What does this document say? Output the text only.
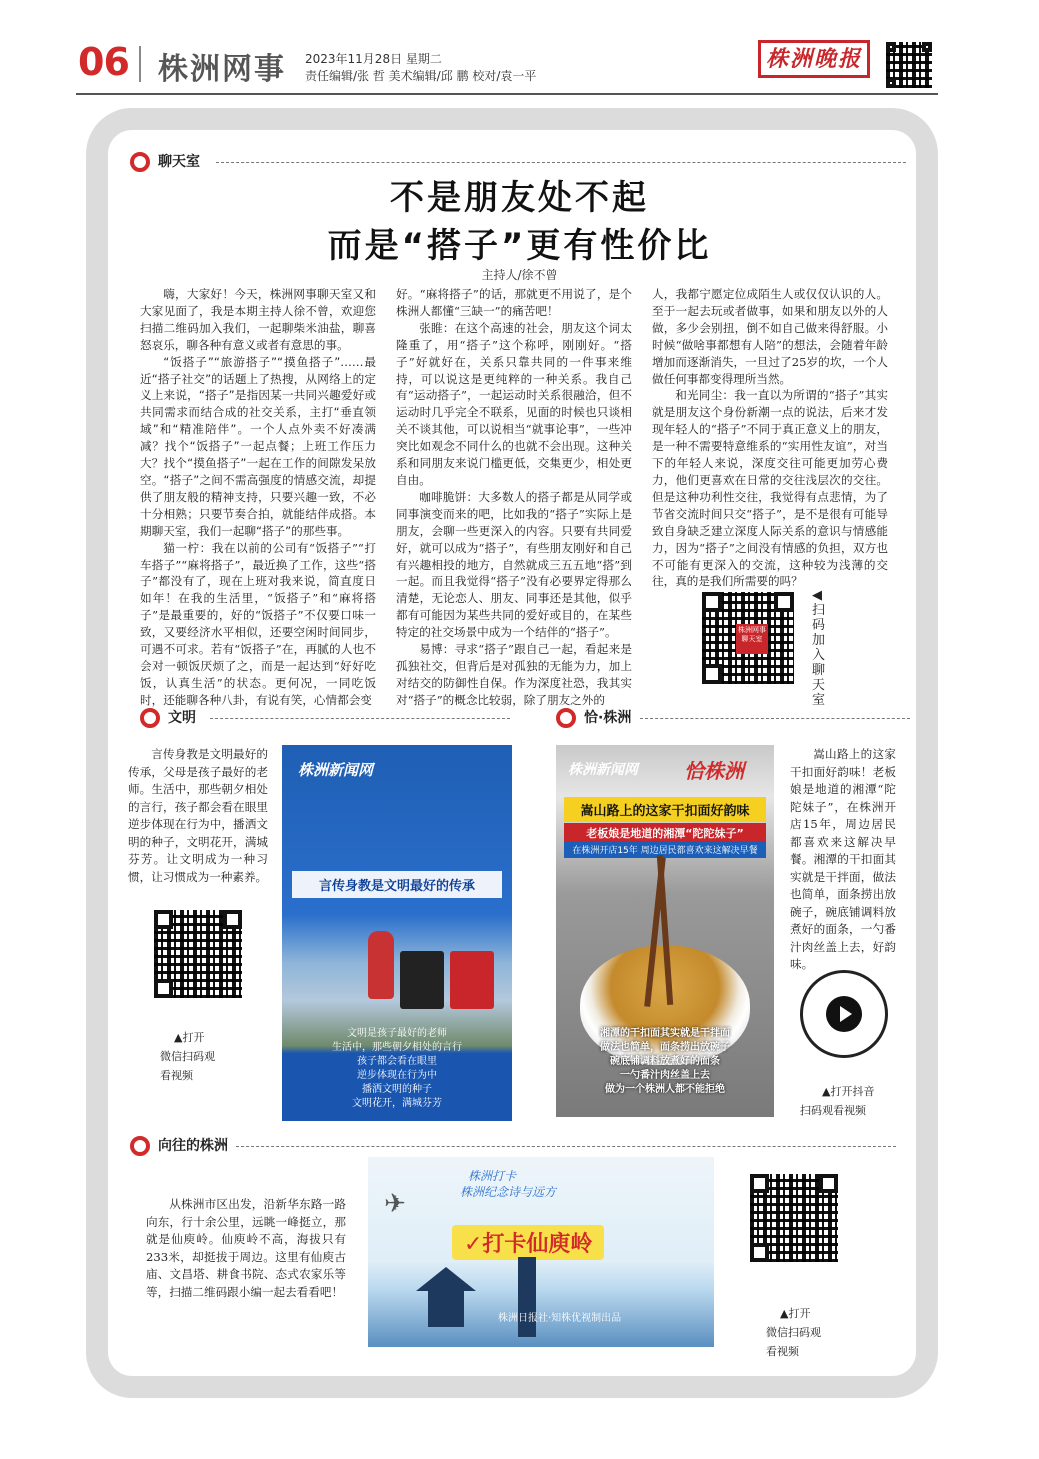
06 株洲网事 2023年11月28日 星期二
责任编辑/张 哲 美术编辑/邱 鹏 校对/袁一平
株洲晚报
聊天室
不是朋友处不起
而是“搭子”更有性价比
主持人/徐不曾

嗨，大家好！今天，株洲网事聊天室又和大家见面了，我是本期主持人徐不曾，欢迎您扫描二维码加入我们，一起聊柴米油盐，聊喜怒哀乐，聊各种有意义或者有意思的事。

“饭搭子”“旅游搭子”“摸鱼搭子”……最近“搭子社交”的话题上了热搜，从网络上的定义上来说，“搭子”是指因某一共同兴趣爱好或共同需求而结合成的社交关系，主打“垂直领域”和“精准陪伴”。一个人点外卖不好凑满减？找个“饭搭子”一起点餐；上班工作压力大？找个“摸鱼搭子”一起在工作的间隙发呆放空。“搭子”之间不需高强度的情感交流，却提供了朋友般的精神支持，只要兴趣一致，不必十分相熟；只要节奏合拍，就能结伴成搭。本期聊天室，我们一起聊“搭子”的那些事。

猫一柠：我在以前的公司有“饭搭子”“打车搭子”“麻将搭子”，最近换了工作，这些“搭子”都没有了，现在上班对我来说，简直度日如年！在我的生活里，“饭搭子”和“麻将搭子”是最重要的，好的“饭搭子”不仅要口味一致，又要经济水平相似，还要空闲时间同步，可遇不可求。若有“饭搭子”在，再腻的人也不会对一顿饭厌烦了之，而是一起达到“好好吃饭，认真生活”的状态。更何况，一同吃饭时，还能聊各种八卦，有说有笑，心情都会变

好。“麻将搭子”的话，那就更不用说了，是个株洲人都懂“三缺一”的痛苦吧！

张睢：在这个高速的社会，朋友这个词太隆重了，用“搭子”这个称呼，刚刚好。“搭子”好就好在，关系只靠共同的一件事来维持，可以说这是更纯粹的一种关系。我自己有“运动搭子”，一起运动时关系很融洽，但不运动时几乎完全不联系，见面的时候也只谈相关不谈其他，可以说相当“就事论事”，一些冲突比如观念不同什么的也就不会出现。这种关系和同朋友来说门槛更低，交集更少，相处更自由。

咖啡脆饼：大多数人的搭子都是从同学或同事演变而来的吧，比如我的“搭子”实际上是朋友，会聊一些更深入的内容。只要有共同爱好，就可以成为“搭子”，有些朋友刚好和自己有兴趣相投的地方，自然就成三五五地“搭”到一起。而且我觉得“搭子”没有必要界定得那么清楚，无论恋人、朋友、同事还是其他，似乎都有可能因为某些共同的爱好或目的，在某些特定的社交场景中成为一个结伴的“搭子”。

易博：寻求“搭子”跟自己一起，看起来是孤独社交，但背后是对孤独的无能为力，加上对结交的防御性自保。作为深度社恐，我其实对“搭子”的概念比较弱，除了朋友之外的

人，我都宁愿定位成陌生人或仅仅认识的人。至于一起去玩或者做事，如果和朋友以外的人做，多少会别扭，倒不如自己做来得舒服。小时候“做啥事都想有人陪”的想法，会随着年龄增加而逐渐消失，一旦过了25岁的坎，一个人做任何事都变得理所当然。

和光同尘：我一直以为所谓的“搭子”其实就是朋友这个身份新潮一点的说法，后来才发现年轻人的“搭子”不同于真正意义上的朋友，是一种不需要特意维系的“实用性友谊”，对当下的年轻人来说，深度交往可能更加劳心费力，他们更喜欢在日常的交往浅层次的交往。但是这种功利性交往，我觉得有点悲情，为了节省交流时间只交“搭子”，是不是很有可能导致自身缺乏建立深度人际关系的意识与情感能力，因为“搭子”之间没有情感的负担，双方也不可能有更深入的交流，这种较为浅薄的交往，真的是我们所需要的吗？

株洲网事聊天室
◀扫码加入聊天室
文明

言传身教是文明最好的传承，父母是孩子最好的老师。生活中，那些朝夕相处的言行，孩子都会看在眼里逆步体现在行为中，播洒文明的种子，文明花开，满城芬芳。让文明成为一种习惯，让习惯成为一种素养。

▲打开
微信扫码观
看视频
株洲新闻网
言传身教是文明最好的传承
文明是孩子最好的老师
生活中，那些朝夕相处的言行
孩子都会看在眼里
逆步体现在行为中
播洒文明的种子
文明花开，满城芬芳
恰·株洲
株洲新闻网 恰株洲
嵩山路上的这家干扣面好韵味
老板娘是地道的湘潭“陀陀妹子”
在株洲开店15年 周边居民都喜欢来这解决早餐
湘潭的干扣面其实就是干拌面
做法也简单，面条捞出放碗子
碗底铺调料放煮好的面条
一勺番汁肉丝盖上去
做为一个株洲人都不能拒绝

嵩山路上的这家干扣面好韵味！老板娘是地道的湘潭“陀陀妹子”，在株洲开店15年，周边居民都喜欢来这解决早餐。湘潭的干扣面其实就是干拌面，做法也简单，面条捞出放碗子，碗底铺调料放煮好的面条，一勺番汁肉丝盖上去，好韵味。

▲打开抖音
扫码观看视频
向往的株洲

从株洲市区出发，沿新华东路一路向东，行十余公里，远眺一峰挺立，那就是仙庾岭。仙庾岭不高，海拔只有233米，却挺拔于周边。这里有仙庾古庙、文昌塔、耕食书院、态式农家乐等等，扫描二维码跟小编一起去看看吧！

株洲打卡
株洲纪念诗与远方
✈
✓打卡仙庾岭
株洲日报社·知株优视制出品	▲打开
微信扫码观
看视频
